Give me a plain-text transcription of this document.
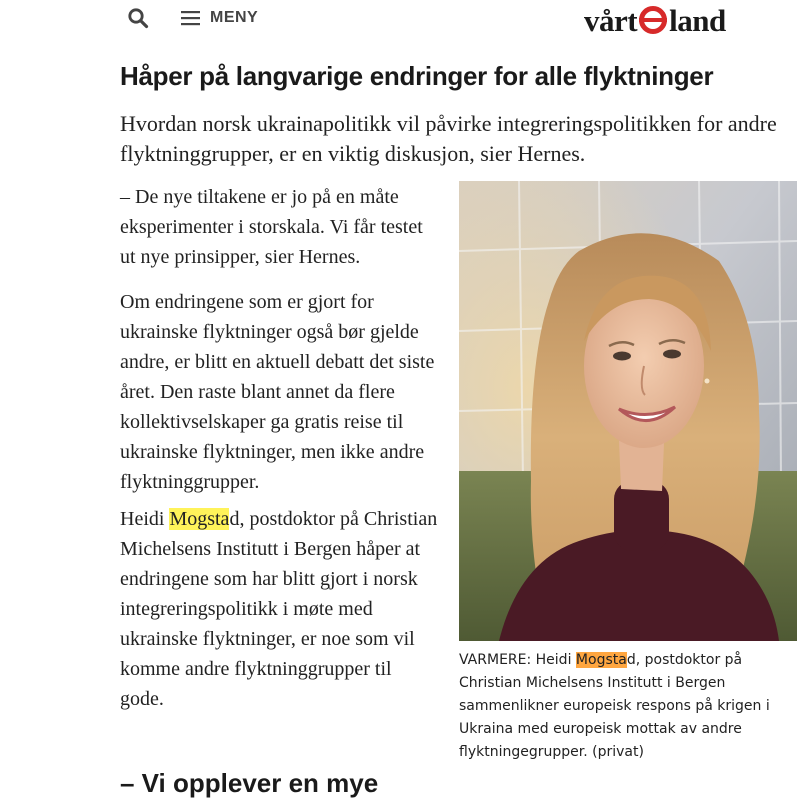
MENY	vårt land
Håper på langvarige endringer for alle flyktninger

Hvordan norsk ukrainapolitikk vil påvirke integreringspolitikken for andre flyktninggrupper, er en viktig diskusjon, sier Hernes.

– De nye tiltakene er jo på en måte eksperimenter i storskala. Vi får testet ut nye prinsipper, sier Hernes.

Om endringene som er gjort for ukrainske flyktninger også bør gjelde andre, er blitt en aktuell debatt det siste året. Den raste blant annet da flere kollektivselskaper ga gratis reise til ukrainske flyktninger, men ikke andre flyktninggrupper.

Heidi Mogstad, postdoktor på Christian Michelsens Institutt i Bergen håper at endringene som har blitt gjort i norsk integreringspolitikk i møte med ukrainske flyktninger, er noe som vil komme andre flyktninggrupper til gode.

VARMERE: Heidi Mogstad, postdoktor på Christian Michelsens Institutt i Bergen sammenlikner europeisk respons på krigen i Ukraina med europeisk mottak av andre flyktningegrupper. (privat)

– Vi opplever en mye
